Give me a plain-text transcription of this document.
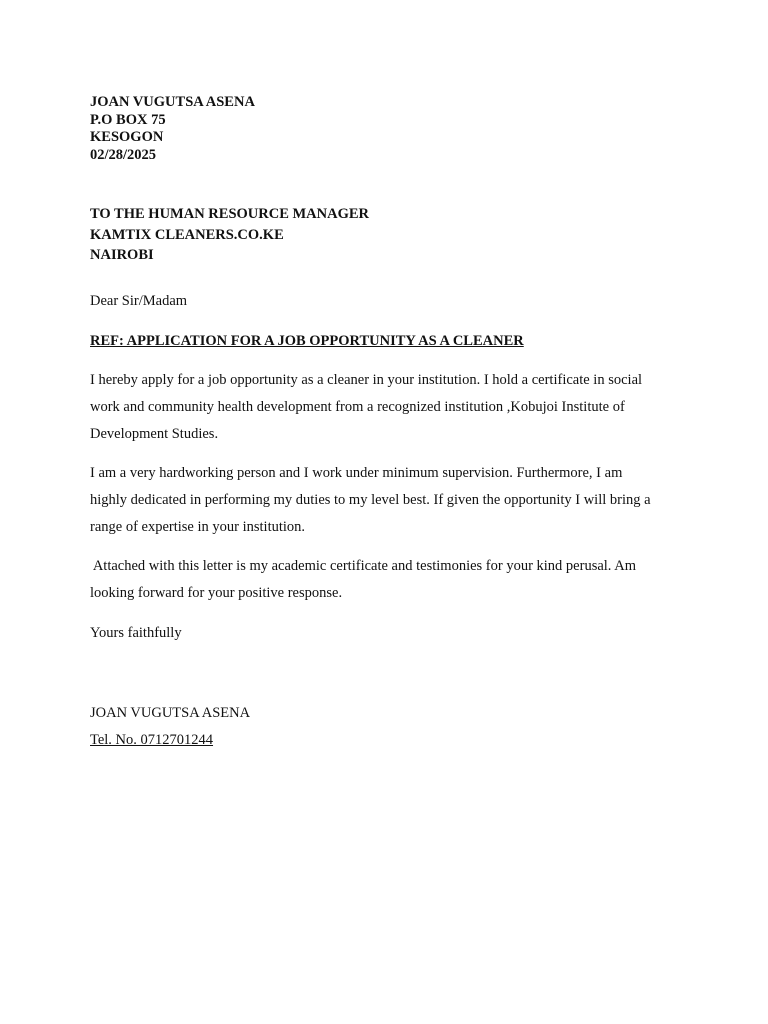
JOAN VUGUTSA ASENA
P.O BOX 75
KESOGON
02/28/2025
TO THE HUMAN RESOURCE MANAGER
KAMTIX CLEANERS.CO.KE
NAIROBI
Dear Sir/Madam
REF: APPLICATION FOR A JOB OPPORTUNITY AS A CLEANER
I hereby apply for a job opportunity as a cleaner in your institution. I hold a certificate in social
work and community health development from a recognized institution ,Kobujoi Institute of
Development Studies.
I am a very hardworking person and I work under minimum supervision. Furthermore, I am
highly dedicated in performing my duties to my level best. If given the opportunity I will bring a
range of expertise in your institution.
Attached with this letter is my academic certificate and testimonies for your kind perusal. Am
looking forward for your positive response.
Yours faithfully
JOAN VUGUTSA ASENA
Tel. No. 0712701244
